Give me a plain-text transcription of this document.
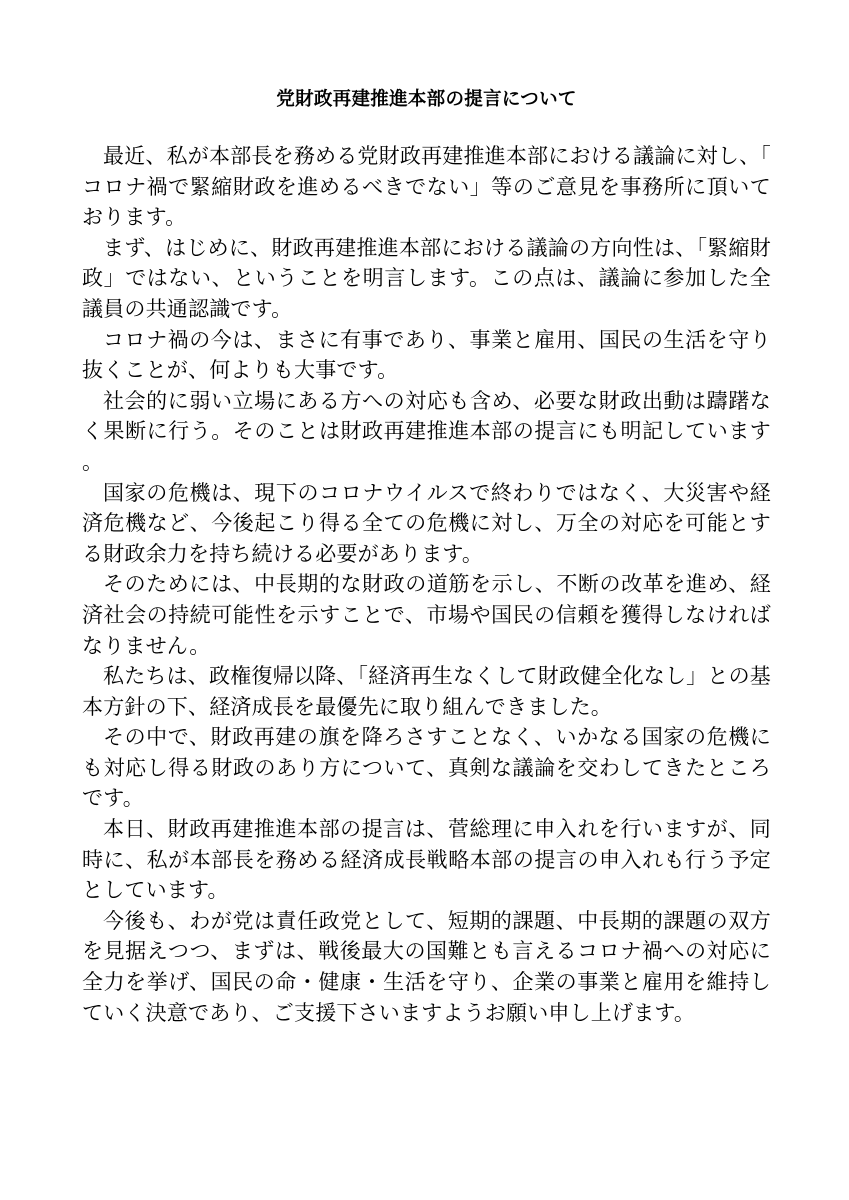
党財政再建推進本部の提言について

最近、私が本部長を務める党財政再建推進本部における議論に対し、「コロナ禍で緊縮財政を進めるべきでない」等のご意見を事務所に頂いております。

まず、はじめに、財政再建推進本部における議論の方向性は、「緊縮財政」ではない、ということを明言します。この点は、議論に参加した全議員の共通認識です。

コロナ禍の今は、まさに有事であり、事業と雇用、国民の生活を守り抜くことが、何よりも大事です。

社会的に弱い立場にある方への対応も含め、必要な財政出動は躊躇なく果断に行う。そのことは財政再建推進本部の提言にも明記しています。

国家の危機は、現下のコロナウイルスで終わりではなく、大災害や経済危機など、今後起こり得る全ての危機に対し、万全の対応を可能とする財政余力を持ち続ける必要があります。

そのためには、中長期的な財政の道筋を示し、不断の改革を進め、経済社会の持続可能性を示すことで、市場や国民の信頼を獲得しなければなりません。

私たちは、政権復帰以降、「経済再生なくして財政健全化なし」との基本方針の下、経済成長を最優先に取り組んできました。

その中で、財政再建の旗を降ろさすことなく、いかなる国家の危機にも対応し得る財政のあり方について、真剣な議論を交わしてきたところです。

本日、財政再建推進本部の提言は、菅総理に申入れを行いますが、同時に、私が本部長を務める経済成長戦略本部の提言の申入れも行う予定としています。

今後も、わが党は責任政党として、短期的課題、中長期的課題の双方を見据えつつ、まずは、戦後最大の国難とも言えるコロナ禍への対応に全力を挙げ、国民の命・健康・生活を守り、企業の事業と雇用を維持していく決意であり、ご支援下さいますようお願い申し上げます。
